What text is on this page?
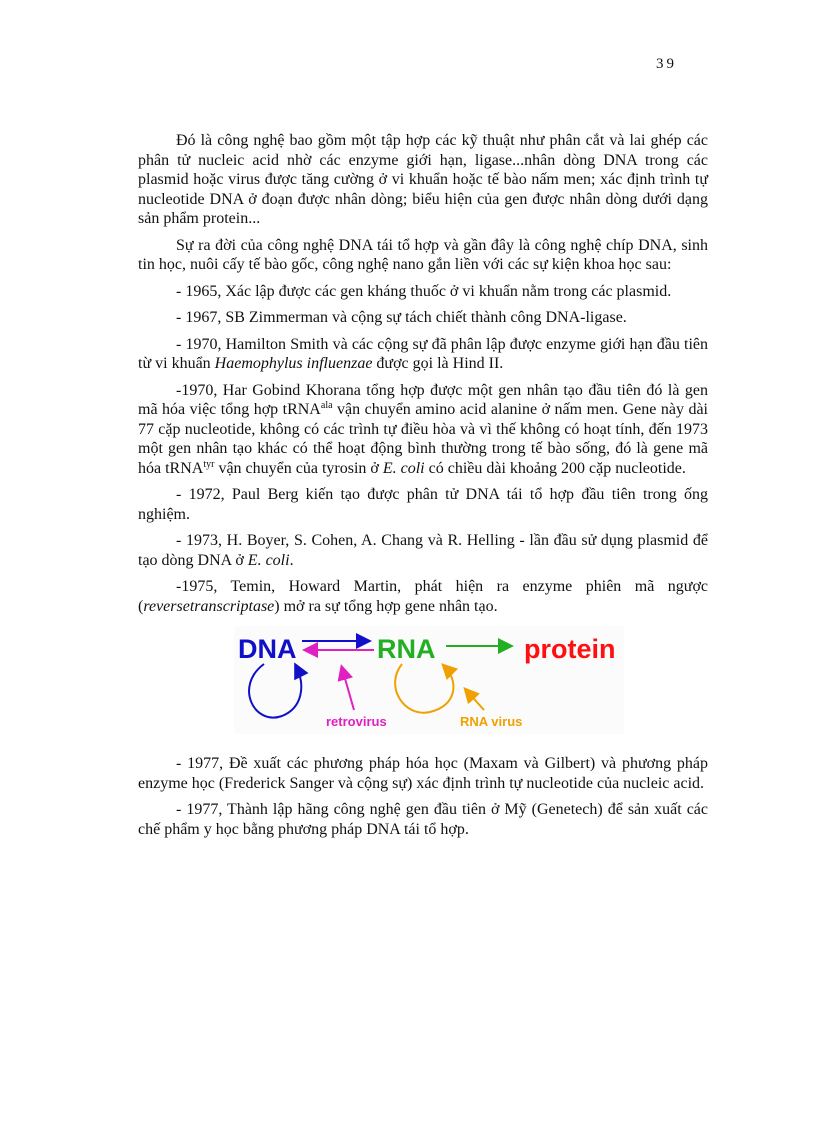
39

Đó là công nghệ bao gồm một tập hợp các kỹ thuật như phân cắt và lai ghép các phân tử nucleic acid nhờ các enzyme giới hạn, ligase...nhân dòng DNA trong các plasmid hoặc virus được tăng cường ở vi khuẩn hoặc tế bào nấm men; xác định trình tự nucleotide DNA ở đoạn được nhân dòng; biểu hiện của gen được nhân dòng dưới dạng sản phẩm protein...

Sự ra đời của công nghệ DNA tái tổ hợp và gần đây là công nghệ chíp DNA, sinh tin học, nuôi cấy tế bào gốc, công nghệ nano gắn liền với các sự kiện khoa học sau:

- 1965, Xác lập được các gen kháng thuốc ở vi khuẩn nằm trong các plasmid.

- 1967, SB Zimmerman và cộng sự tách chiết thành công DNA-ligase.

- 1970, Hamilton Smith và các cộng sự đã phân lập được enzyme giới hạn đầu tiên từ vi khuẩn Haemophylus influenzae được gọi là Hind II.

-1970, Har Gobind Khorana tổng hợp được một gen nhân tạo đầu tiên đó là gen mã hóa việc tổng hợp tRNA$^{ala}$ vận chuyển amino acid alanine ở nấm men. Gene này dài 77 cặp nucleotide, không có các trình tự điều hòa và vì thế không có hoạt tính, đến 1973 một gen nhân tạo khác có thể hoạt động bình thường trong tế bào sống, đó là gene mã hóa tRNA$^{tyr}$ vận chuyển của tyrosin ở E. coli có chiều dài khoảng 200 cặp nucleotide.

- 1972, Paul Berg kiến tạo được phân tử DNA tái tổ hợp đầu tiên trong ống nghiệm.

- 1973, H. Boyer, S. Cohen, A. Chang và R. Helling - lần đầu sử dụng plasmid để tạo dòng DNA ở E. coli.

-1975, Temin, Howard Martin, phát hiện ra enzyme phiên mã ngược (reversetranscriptase) mở ra sự tổng hợp gene nhân tạo.

DNA	RNA	protein
retrovirus	RNA virus

- 1977, Đề xuất các phương pháp hóa học (Maxam và Gilbert) và phương pháp enzyme học (Frederick Sanger và cộng sự) xác định trình tự nucleotide của nucleic acid.

- 1977, Thành lập hãng công nghệ gen đầu tiên ở Mỹ (Genetech) để sản xuất các chế phẩm y học bằng phương pháp DNA tái tổ hợp.
